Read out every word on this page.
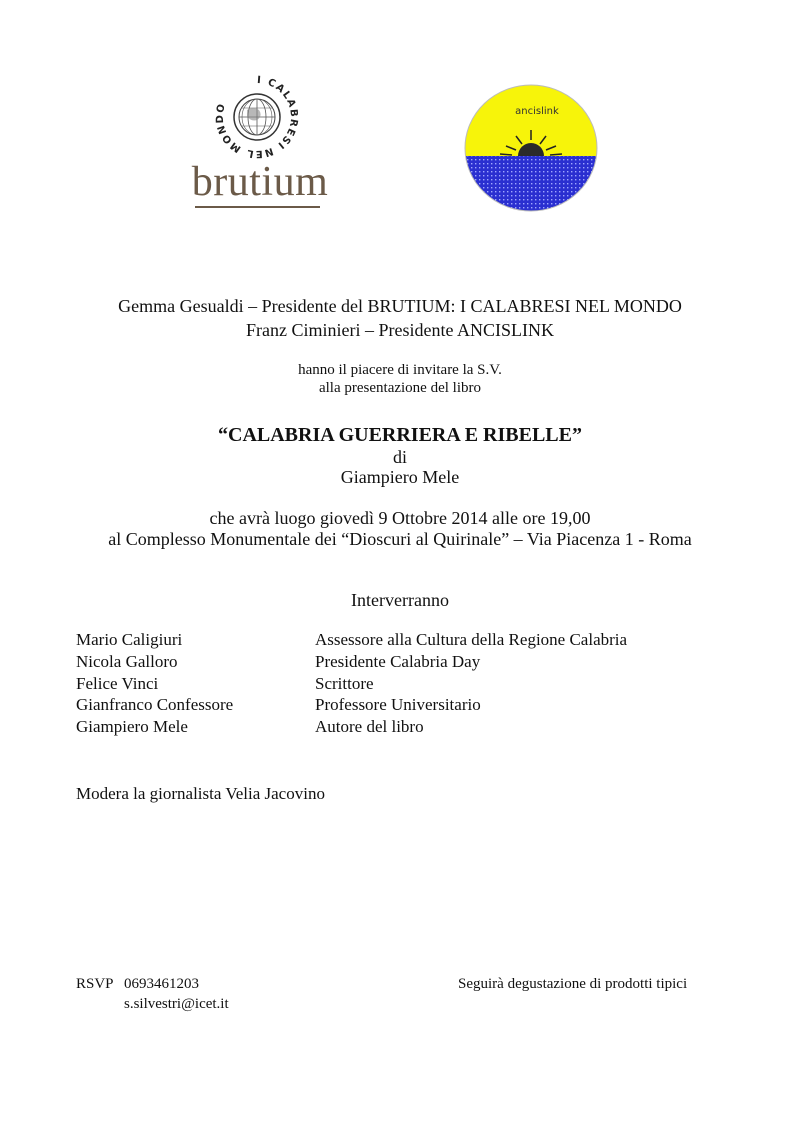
I CALABRESI NEL MONDO
brutium
ancislink
Gemma Gesualdi – Presidente del BRUTIUM: I CALABRESI NEL MONDO
Franz Ciminieri – Presidente ANCISLINK
hanno il piacere di invitare la S.V.
alla presentazione del libro
“CALABRIA GUERRIERA E RIBELLE”
di
Giampiero Mele
che avrà luogo giovedì 9 Ottobre 2014 alle ore 19,00
al Complesso Monumentale dei “Dioscuri al Quirinale” – Via Piacenza 1 - Roma
Interverranno
Mario Caligiuri	Assessore alla Cultura della Regione Calabria
Nicola Galloro	Presidente Calabria Day
Felice Vinci	Scrittore
Gianfranco Confessore	Professore Universitario
Giampiero Mele	Autore del libro
Modera la giornalista Velia Jacovino
RSVP 0693461203
s.silvestri@icet.it
Seguirà degustazione di prodotti tipici
